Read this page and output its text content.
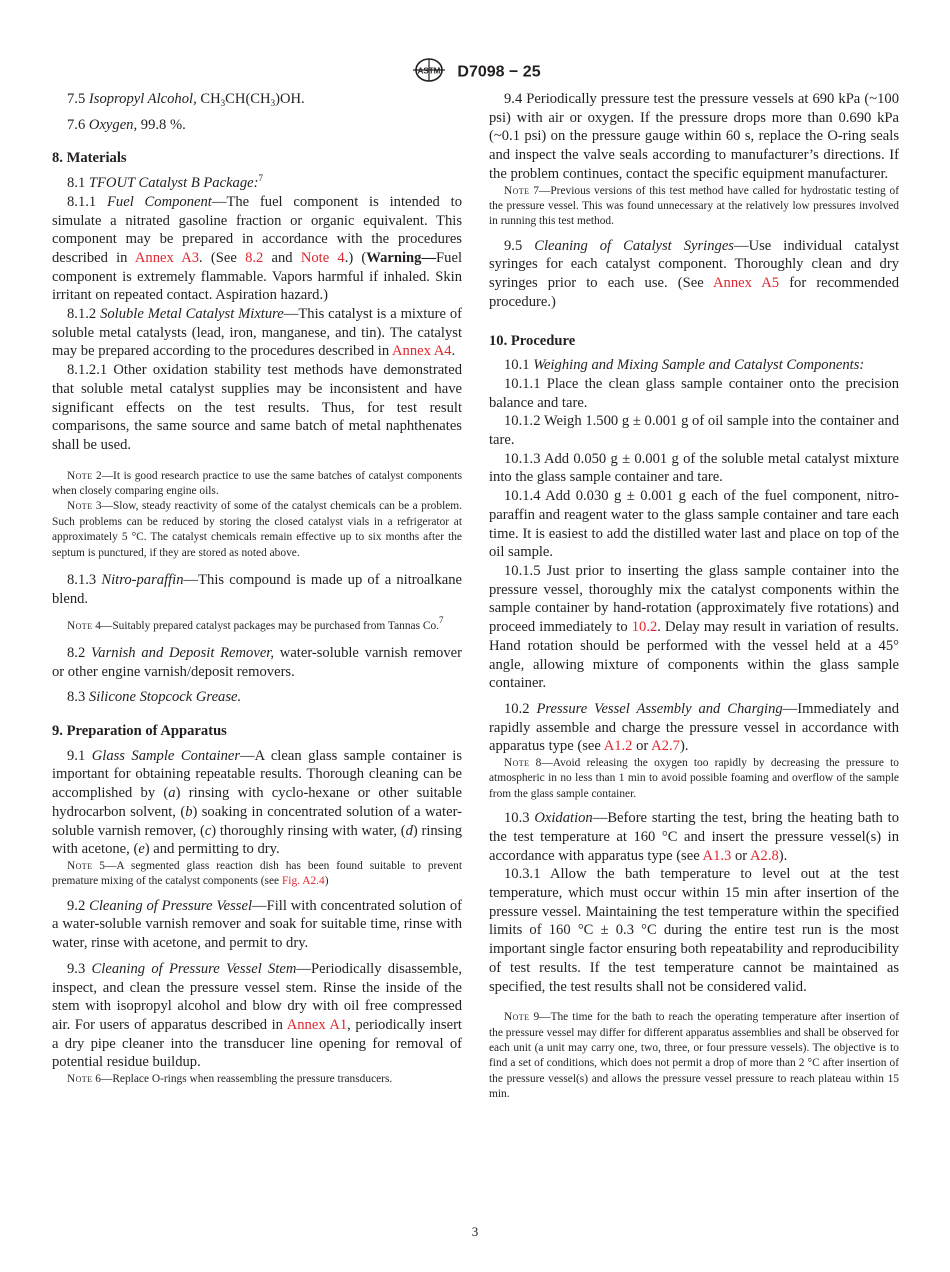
ASTM D7098 − 25

7.5 Isopropyl Alcohol, $CH_3CH(CH_3)OH$.

7.6 Oxygen, 99.8 %.

8. Materials

8.1 TFOUT Catalyst B Package:$^7$

8.1.1 Fuel Component—The fuel component is intended to simulate a nitrated gasoline fraction or organic equivalent. This component may be prepared in accordance with the procedures described in Annex A3. (See 8.2 and Note 4.) (Warning—Fuel component is extremely flammable. Vapors harmful if inhaled. Skin irritant on repeated contact. Aspiration hazard.)

8.1.2 Soluble Metal Catalyst Mixture—This catalyst is a mixture of soluble metal catalysts (lead, iron, manganese, and tin). The catalyst may be prepared according to the procedures described in Annex A4.

8.1.2.1 Other oxidation stability test methods have demonstrated that soluble metal catalyst supplies may be inconsistent and have significant effects on the test results. Thus, for test result comparisons, the same source and same batch of metal naphthenates shall be used.

Note 2—It is good research practice to use the same batches of catalyst components when closely comparing engine oils.

Note 3—Slow, steady reactivity of some of the catalyst chemicals can be a problem. Such problems can be reduced by storing the closed catalyst vials in a refrigerator at approximately 5 °C. The catalyst chemicals remain effective up to six months after the septum is punctured, if they are stored as noted above.

8.1.3 Nitro-paraffin—This compound is made up of a nitroalkane blend.

Note 4—Suitably prepared catalyst packages may be purchased from Tannas Co.$^7$

8.2 Varnish and Deposit Remover, water-soluble varnish remover or other engine varnish/deposit removers.

8.3 Silicone Stopcock Grease.

9. Preparation of Apparatus

9.1 Glass Sample Container—A clean glass sample container is important for obtaining repeatable results. Thorough cleaning can be accomplished by (a) rinsing with cyclo-hexane or other suitable hydrocarbon solvent, (b) soaking in concentrated solution of a water-soluble varnish remover, (c) thoroughly rinsing with water, (d) rinsing with acetone, (e) and permitting to dry.

Note 5—A segmented glass reaction dish has been found suitable to prevent premature mixing of the catalyst components (see Fig. A2.4)

9.2 Cleaning of Pressure Vessel—Fill with concentrated solution of a water-soluble varnish remover and soak for suitable time, rinse with water, rinse with acetone, and permit to dry.

9.3 Cleaning of Pressure Vessel Stem—Periodically disassemble, inspect, and clean the pressure vessel stem. Rinse the inside of the stem with isopropyl alcohol and blow dry with oil free compressed air. For users of apparatus described in Annex A1, periodically insert a dry pipe cleaner into the transducer line opening for removal of potential residue buildup.

Note 6—Replace O-rings when reassembling the pressure transducers.

9.4 Periodically pressure test the pressure vessels at 690 kPa (~100 psi) with air or oxygen. If the pressure drops more than 0.690 kPa (~0.1 psi) on the pressure gauge within 60 s, replace the O-ring seals and inspect the valve seals according to manufacturer’s directions. If the problem continues, contact the specific equipment manufacturer.

Note 7—Previous versions of this test method have called for hydrostatic testing of the pressure vessel. This was found unnecessary at the relatively low pressures involved in running this test method.

9.5 Cleaning of Catalyst Syringes—Use individual catalyst syringes for each catalyst component. Thoroughly clean and dry syringes prior to each use. (See Annex A5 for recommended procedure.)

10. Procedure

10.1 Weighing and Mixing Sample and Catalyst Components:

10.1.1 Place the clean glass sample container onto the precision balance and tare.

10.1.2 Weigh 1.500 g ± 0.001 g of oil sample into the container and tare.

10.1.3 Add 0.050 g ± 0.001 g of the soluble metal catalyst mixture into the glass sample container and tare.

10.1.4 Add 0.030 g ± 0.001 g each of the fuel component, nitro-paraffin and reagent water to the glass sample container and tare each time. It is easiest to add the distilled water last and place on top of the oil sample.

10.1.5 Just prior to inserting the glass sample container into the pressure vessel, thoroughly mix the catalyst components within the sample container by hand-rotation (approximately five rotations) and proceed immediately to 10.2. Delay may result in variation of results. Hand rotation should be performed with the vessel held at a 45° angle, allowing mixture of components within the glass sample container.

10.2 Pressure Vessel Assembly and Charging—Immediately and rapidly assemble and charge the pressure vessel in accordance with apparatus type (see A1.2 or A2.7).

Note 8—Avoid releasing the oxygen too rapidly by decreasing the pressure to atmospheric in no less than 1 min to avoid possible foaming and overflow of the sample from the glass sample container.

10.3 Oxidation—Before starting the test, bring the heating bath to the test temperature at 160 °C and insert the pressure vessel(s) in accordance with apparatus type (see A1.3 or A2.8).

10.3.1 Allow the bath temperature to level out at the test temperature, which must occur within 15 min after insertion of the pressure vessel. Maintaining the test temperature within the specified limits of 160 °C ± 0.3 °C during the entire test run is the most important single factor ensuring both repeatability and reproducibility of test results. If the test temperature cannot be maintained as specified, the test results shall not be considered valid.

Note 9—The time for the bath to reach the operating temperature after insertion of the pressure vessel may differ for different apparatus assemblies and shall be observed for each unit (a unit may carry one, two, three, or four pressure vessels). The objective is to find a set of conditions, which does not permit a drop of more than 2 °C after insertion of the pressure vessel(s) and allows the pressure vessel pressure to reach plateau within 15 min.

3
